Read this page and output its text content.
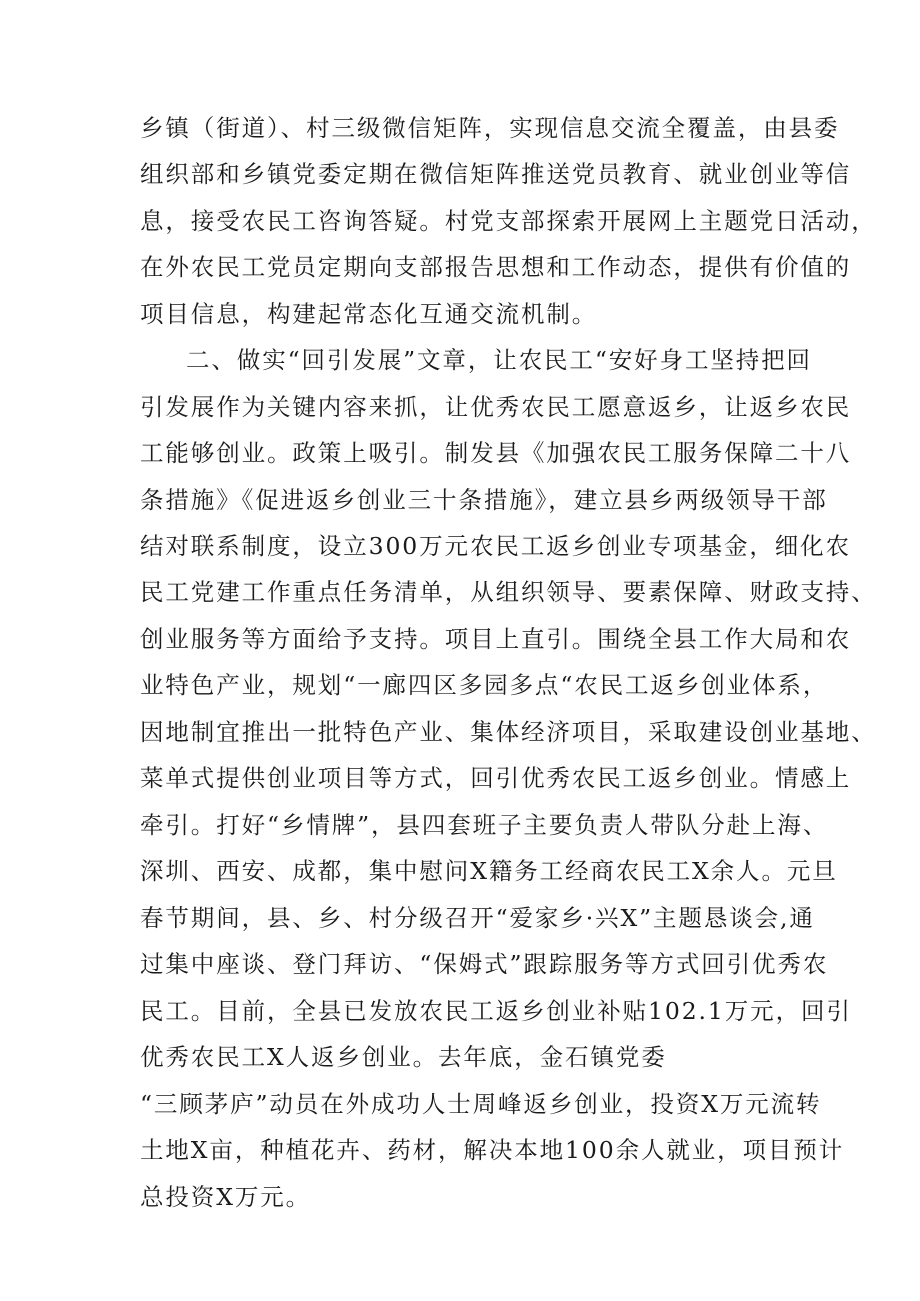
乡镇（街道）、村三级微信矩阵，实现信息交流全覆盖，由县委
组织部和乡镇党委定期在微信矩阵推送党员教育、就业创业等信
息，接受农民工咨询答疑。村党支部探索开展网上主题党日活动，
在外农民工党员定期向支部报告思想和工作动态，提供有价值的
项目信息，构建起常态化互通交流机制。
二、做实“回引发展”文章，让农民工“安好身工坚持把回
引发展作为关键内容来抓，让优秀农民工愿意返乡，让返乡农民
工能够创业。政策上吸引。制发县《加强农民工服务保障二十八
条措施》《促进返乡创业三十条措施》，建立县乡两级领导干部
结对联系制度，设立300万元农民工返乡创业专项基金，细化农
民工党建工作重点任务清单，从组织领导、要素保障、财政支持、
创业服务等方面给予支持。项目上直引。围绕全县工作大局和农
业特色产业，规划“一廊四区多园多点“农民工返乡创业体系，
因地制宜推出一批特色产业、集体经济项目，采取建设创业基地、
菜单式提供创业项目等方式，回引优秀农民工返乡创业。情感上
牵引。打好“乡情牌”，县四套班子主要负责人带队分赴上海、
深圳、西安、成都，集中慰问X籍务工经商农民工X余人。元旦
春节期间，县、乡、村分级召开“爱家乡·兴X”主题恳谈会,通
过集中座谈、登门拜访、“保姆式”跟踪服务等方式回引优秀农
民工。目前，全县已发放农民工返乡创业补贴102.1万元，回引
优秀农民工X人返乡创业。去年底，金石镇党委
“三顾茅庐”动员在外成功人士周峰返乡创业，投资X万元流转
土地X亩，种植花卉、药材，解决本地100余人就业，项目预计
总投资X万元。
